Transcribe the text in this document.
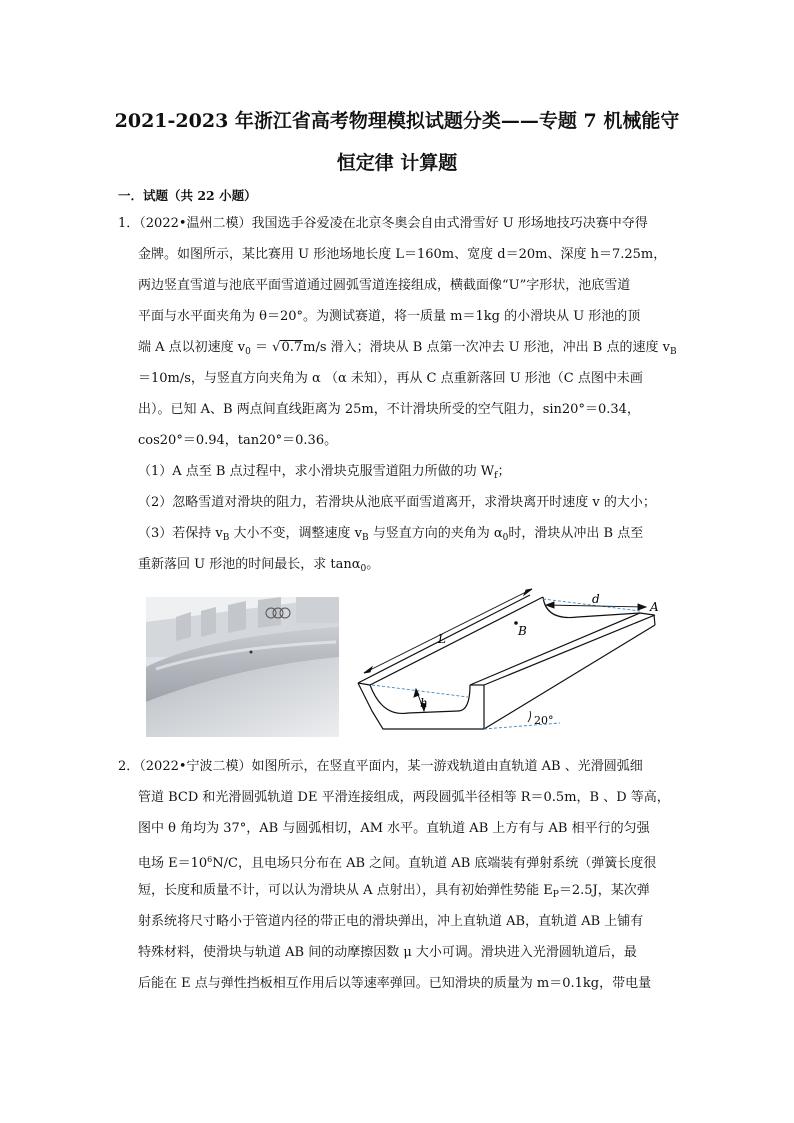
2021-2023 年浙江省高考物理模拟试题分类——专题 7 机械能守
恒定律 计算题
一．试题（共 22 小题）
1．（2022•温州二模）我国选手谷爱凌在北京冬奥会自由式滑雪好 U 形场地技巧决赛中夺得
金牌。如图所示，某比赛用 U 形池场地长度 L＝160m、宽度 d＝20m、深度 h＝7.25m，
两边竖直雪道与池底平面雪道通过圆弧雪道连接组成，横截面像“U”字形状，池底雪道
平面与水平面夹角为 θ＝20°。为测试赛道，将一质量 m＝1kg 的小滑块从 U 形池的顶
端 A 点以初速度 $v_0 = √0.7m/s$ 滑入；滑块从 B 点第一次冲去 U 形池，冲出 B 点的速度 $v_B$
＝10m/s，与竖直方向夹角为 α （α 未知），再从 C 点重新落回 U 形池（C 点图中未画
出）。已知 A、B 两点间直线距离为 25m，不计滑块所受的空气阻力，sin20°＝0.34，
cos20°＝0.94，tan20°＝0.36。
（1）A 点至 B 点过程中，求小滑块克服雪道阻力所做的功 $W_f$；
（2）忽略雪道对滑块的阻力，若滑块从池底平面雪道离开，求滑块离开时速度 v 的大小；
（3）若保持 $v_B$ 大小不变，调整速度 $v_B$ 与竖直方向的夹角为 $\alpha_0$时，滑块从冲出 B 点至
重新落回 U 形池的时间最长，求 tanα$_0$。
L
B
d
A
h
20°
2．（2022•宁波二模）如图所示，在竖直平面内，某一游戏轨道由直轨道 AB 、光滑圆弧细
管道 BCD 和光滑圆弧轨道 DE 平滑连接组成，两段圆弧半径相等 R＝0.5m，B 、D 等高，
图中 θ 角均为 37°，AB 与圆弧相切，AM 水平。直轨道 AB 上方有与 AB 相平行的匀强
电场 $E=10^6N/C$，且电场只分布在 AB 之间。直轨道 AB 底端装有弹射系统（弹簧长度很
短，长度和质量不计，可以认为滑块从 A 点射出），具有初始弹性势能 $E_P=2.5J$，某次弹
射系统将尺寸略小于管道内径的带正电的滑块弹出，冲上直轨道 AB，直轨道 AB 上铺有
特殊材料，使滑块与轨道 AB 间的动摩擦因数 μ 大小可调。滑块进入光滑圆轨道后，最
后能在 E 点与弹性挡板相互作用后以等速率弹回。已知滑块的质量为 m＝0.1kg，带电量
